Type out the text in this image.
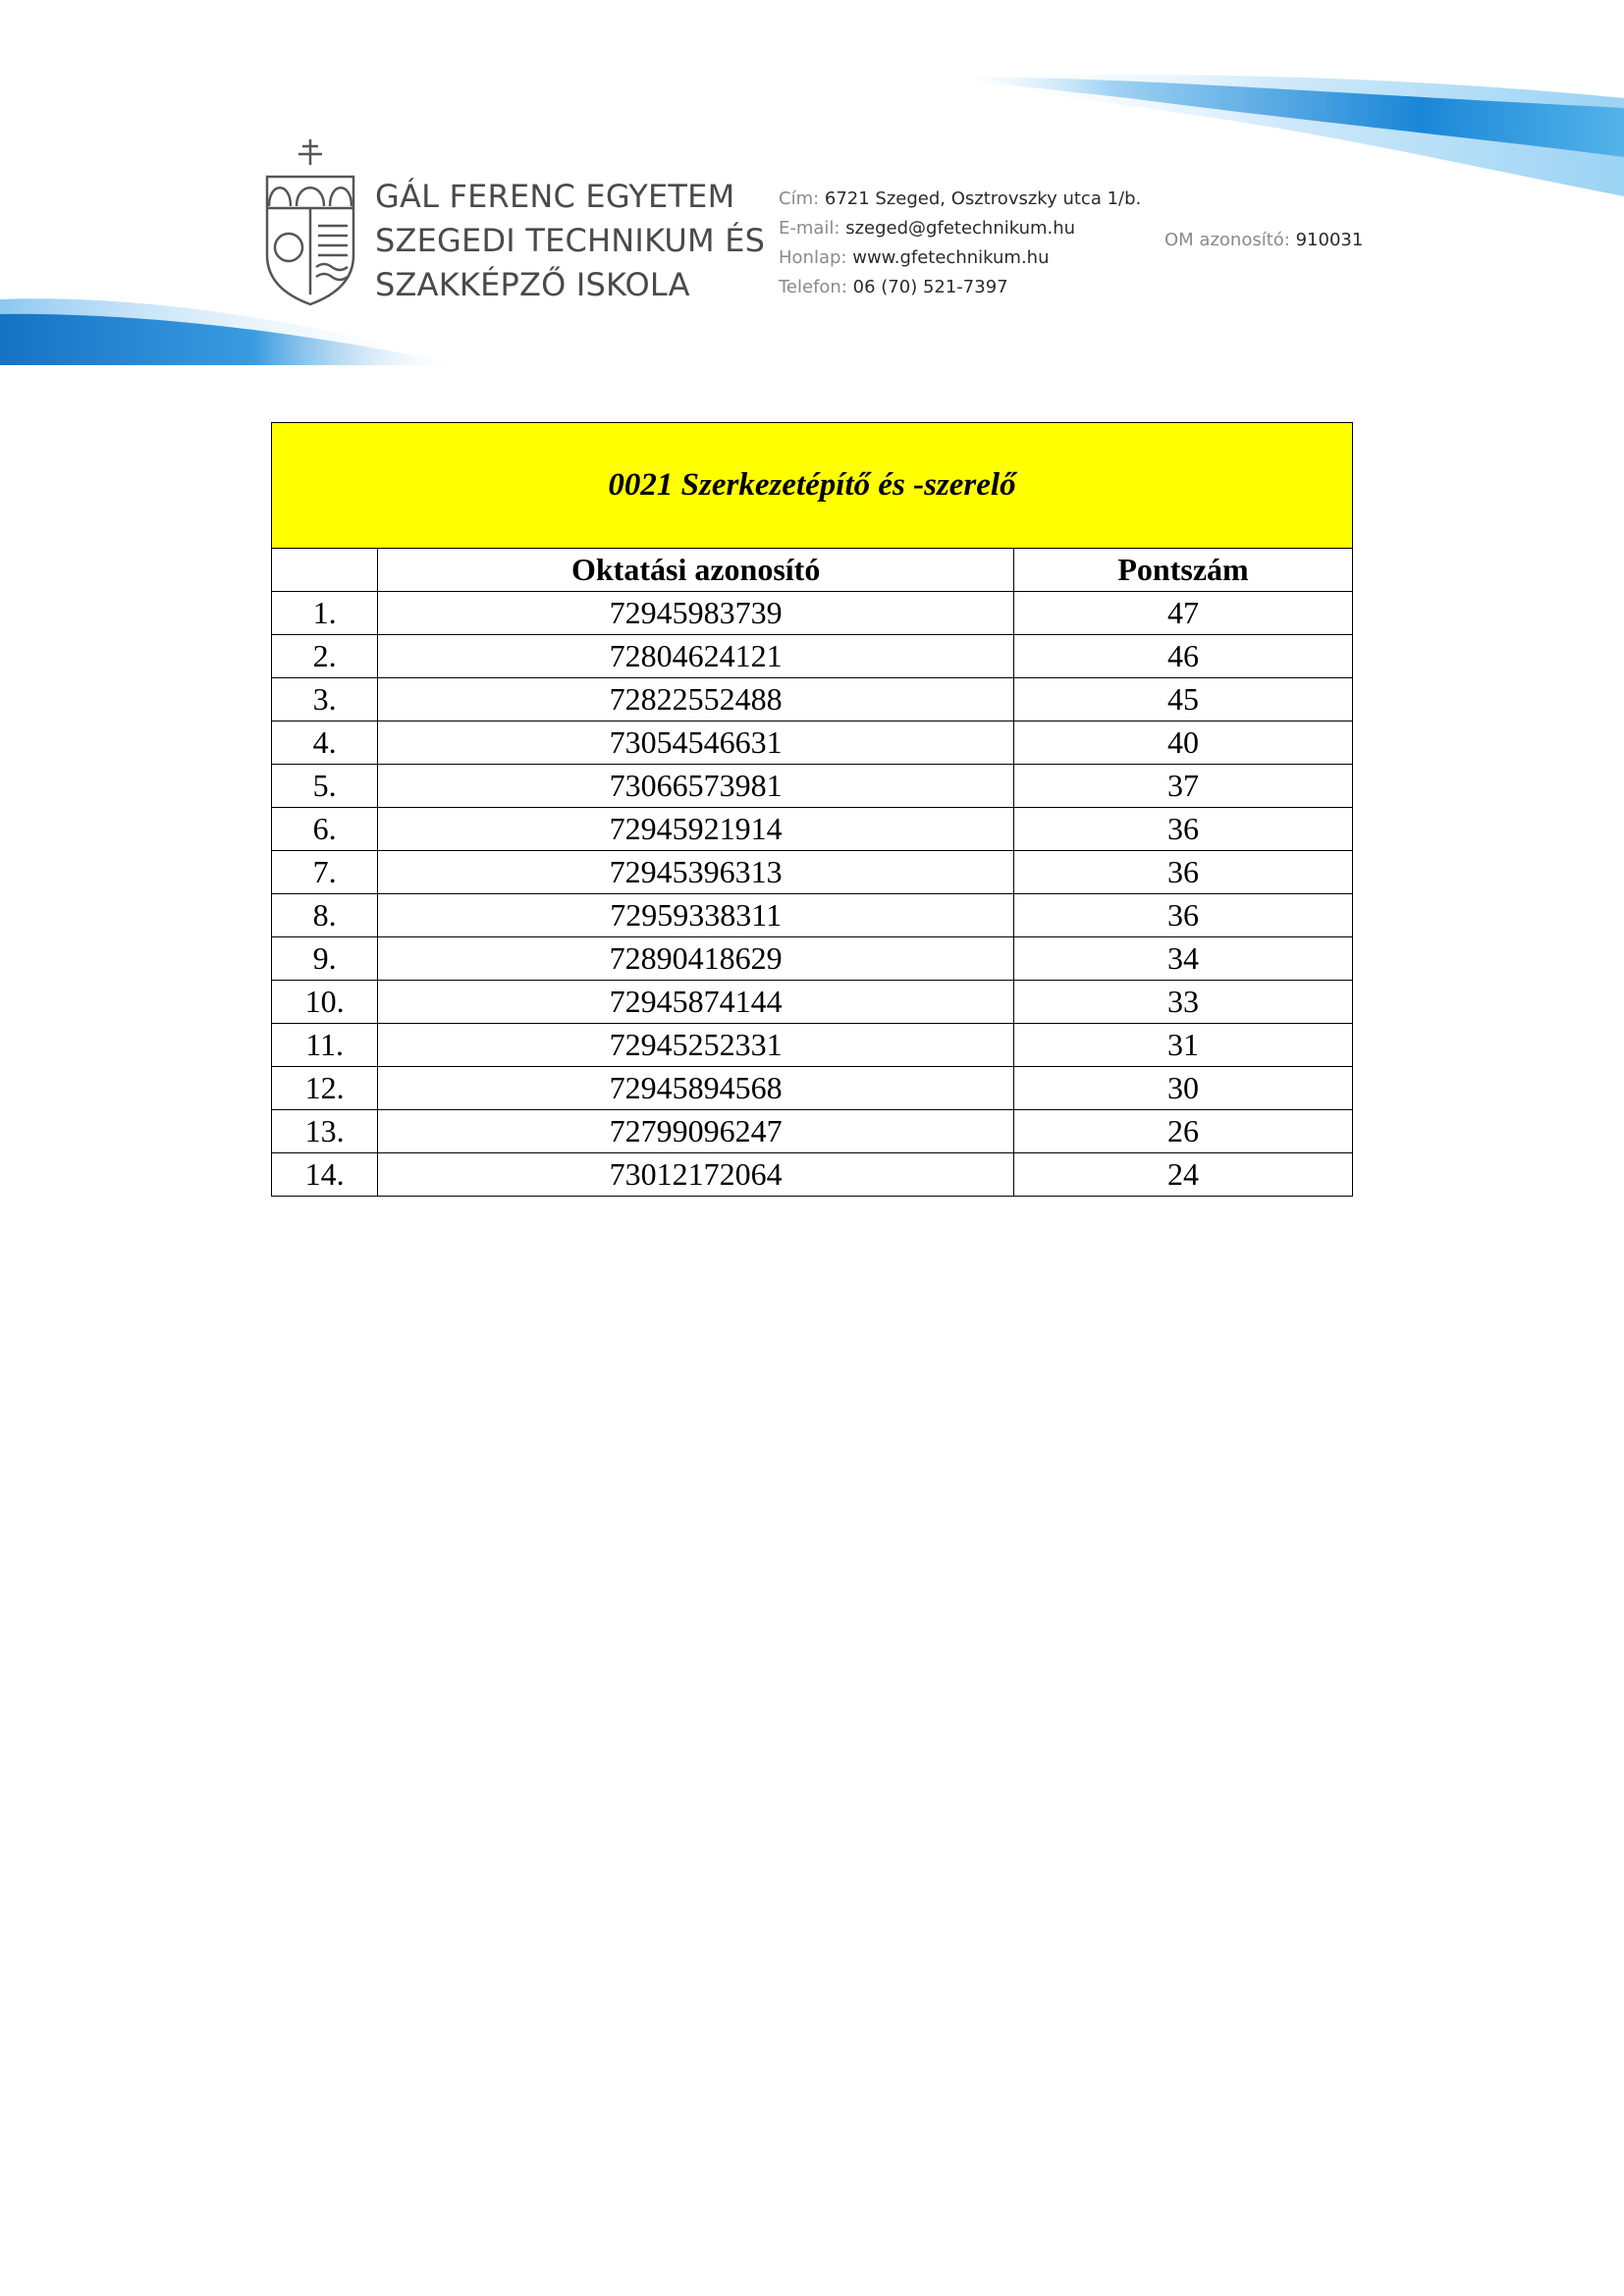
GÁL FERENC EGYETEM
SZEGEDI TECHNIKUM ÉS
SZAKKÉPZŐ ISKOLA
Cím: 6721 Szeged, Osztrovszky utca 1/b.
E-mail: szeged@gfetechnikum.hu
Honlap: www.gfetechnikum.hu
Telefon: 06 (70) 521-7397
OM azonosító: 910031
0021 Szerkezetépítő és -szerelő		
	Oktatási azonosító	Pontszám
1.	72945983739	47
2.	72804624121	46
3.	72822552488	45
4.	73054546631	40
5.	73066573981	37
6.	72945921914	36
7.	72945396313	36
8.	72959338311	36
9.	72890418629	34
10.	72945874144	33
11.	72945252331	31
12.	72945894568	30
13.	72799096247	26
14.	73012172064	24
